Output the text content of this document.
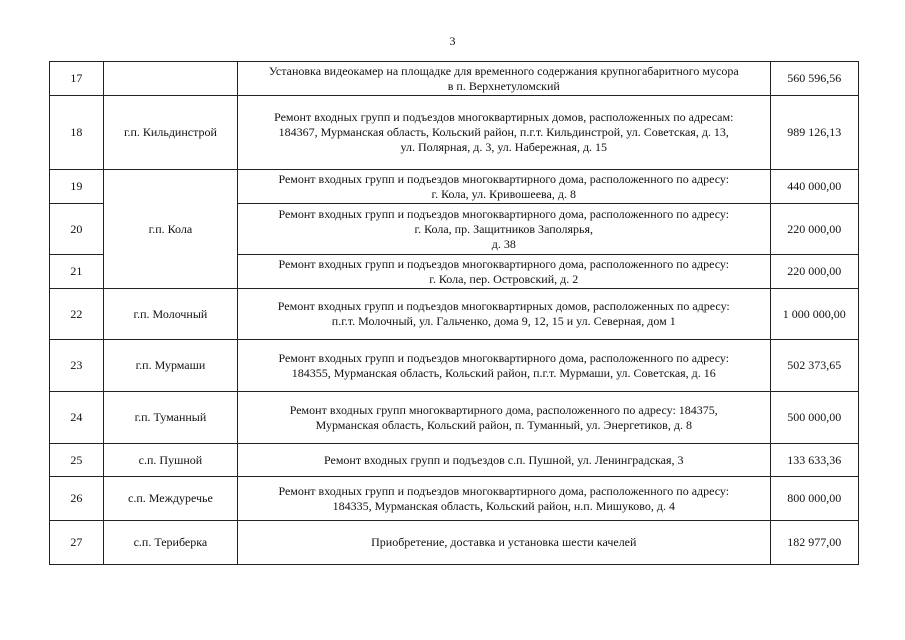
3
17		Установка видеокамер на площадке для временного содержания крупногабаритного мусора
в п. Верхнетуломский	560 596,56
18	г.п. Кильдинстрой	Ремонт входных групп и подъездов многоквартирных домов, расположенных по адресам:
184367, Мурманская область, Кольский район, п.г.т. Кильдинстрой, ул. Советская, д. 13,
ул. Полярная, д. 3, ул. Набережная, д. 15	989 126,13
19	г.п. Кола	Ремонт входных групп и подъездов многоквартирного дома, расположенного по адресу:
г. Кола, ул. Кривошеева, д. 8	440 000,00
20		Ремонт входных групп и подъездов многоквартирного дома, расположенного по адресу:
г. Кола, пр. Защитников Заполярья,
д. 38	220 000,00
21		Ремонт входных групп и подъездов многоквартирного дома, расположенного по адресу:
г. Кола, пер. Островский, д. 2	220 000,00
22	г.п. Молочный	Ремонт входных групп и подъездов многоквартирных домов, расположенных по адресу:
п.г.т. Молочный, ул. Гальченко, дома 9, 12, 15 и ул. Северная, дом 1	1 000 000,00
23	г.п. Мурмаши	Ремонт входных групп и подъездов многоквартирного дома, расположенного по адресу:
184355, Мурманская область, Кольский район, п.г.т. Мурмаши, ул. Советская, д. 16	502 373,65
24	г.п. Туманный	Ремонт входных групп многоквартирного дома, расположенного по адресу: 184375,
Мурманская область, Кольский район, п. Туманный, ул. Энергетиков, д. 8	500 000,00
25	с.п. Пушной	Ремонт входных групп и подъездов с.п. Пушной, ул. Ленинградская, 3	133 633,36
26	с.п. Междуречье	Ремонт входных групп и подъездов многоквартирного дома, расположенного по адресу:
184335, Мурманская область, Кольский район, н.п. Мишуково, д. 4	800 000,00
27	с.п. Териберка	Приобретение, доставка и установка шести качелей	182 977,00
